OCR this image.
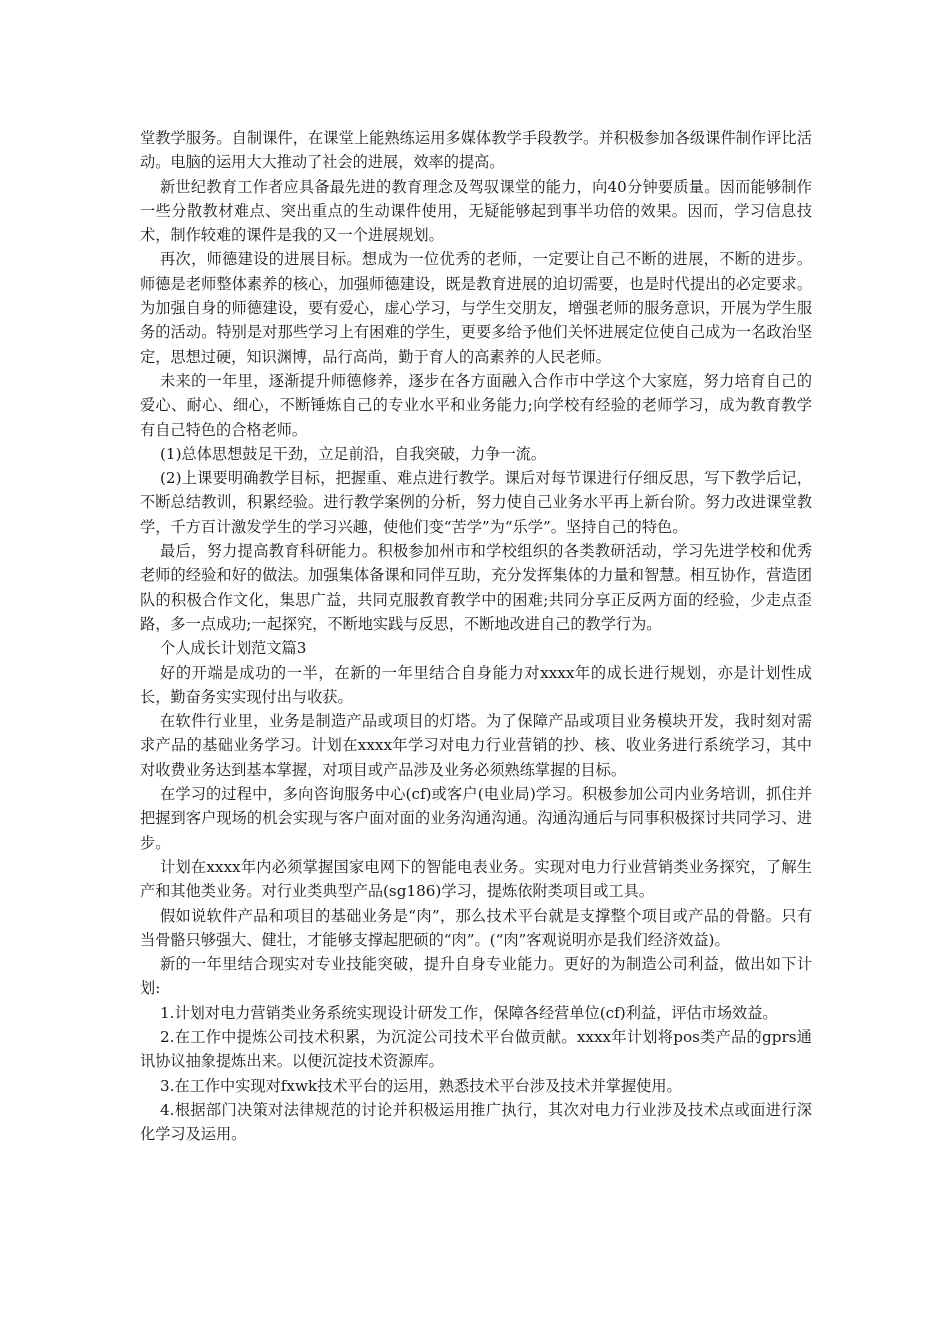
堂教学服务。自制课件，在课堂上能熟练运用多媒体教学手段教学。并积极参加各级课件制作评比活动。电脑的运用大大推动了社会的进展，效率的提高。

新世纪教育工作者应具备最先进的教育理念及驾驭课堂的能力，向40分钟要质量。因而能够制作一些分散教材难点、突出重点的生动课件使用，无疑能够起到事半功倍的效果。因而，学习信息技术，制作较难的课件是我的又一个进展规划。

再次，师德建设的进展目标。想成为一位优秀的老师，一定要让自己不断的进展，不断的进步。师德是老师整体素养的核心，加强师德建设，既是教育进展的迫切需要，也是时代提出的必定要求。为加强自身的师德建设，要有爱心，虚心学习，与学生交朋友，增强老师的服务意识，开展为学生服务的活动。特别是对那些学习上有困难的学生，更要多给予他们关怀进展定位使自己成为一名政治坚定，思想过硬，知识渊博，品行高尚，勤于育人的高素养的人民老师。

未来的一年里，逐渐提升师德修养，逐步在各方面融入合作市中学这个大家庭，努力培育自己的爱心、耐心、细心，不断锤炼自己的专业水平和业务能力;向学校有经验的老师学习，成为教育教学有自己特色的合格老师。

(1)总体思想鼓足干劲，立足前沿，自我突破，力争一流。

(2)上课要明确教学目标，把握重、难点进行教学。课后对每节课进行仔细反思，写下教学后记，不断总结教训，积累经验。进行教学案例的分析，努力使自己业务水平再上新台阶。努力改进课堂教学，千方百计激发学生的学习兴趣，使他们变“苦学”为“乐学”。坚持自己的特色。

最后，努力提高教育科研能力。积极参加州市和学校组织的各类教研活动，学习先进学校和优秀老师的经验和好的做法。加强集体备课和同伴互助，充分发挥集体的力量和智慧。相互协作，营造团队的积极合作文化，集思广益，共同克服教育教学中的困难;共同分享正反两方面的经验，少走点歪路，多一点成功;一起探究，不断地实践与反思，不断地改进自己的教学行为。

个人成长计划范文篇3

好的开端是成功的一半，在新的一年里结合自身能力对xxxx年的成长进行规划，亦是计划性成长，勤奋务实实现付出与收获。

在软件行业里，业务是制造产品或项目的灯塔。为了保障产品或项目业务模块开发，我时刻对需求产品的基础业务学习。计划在xxxx年学习对电力行业营销的抄、核、收业务进行系统学习，其中对收费业务达到基本掌握，对项目或产品涉及业务必须熟练掌握的目标。

在学习的过程中，多向咨询服务中心(cf)或客户(电业局)学习。积极参加公司内业务培训，抓住并把握到客户现场的机会实现与客户面对面的业务沟通沟通。沟通沟通后与同事积极探讨共同学习、进步。

计划在xxxx年内必须掌握国家电网下的智能电表业务。实现对电力行业营销类业务探究，了解生产和其他类业务。对行业类典型产品(sg186)学习，提炼依附类项目或工具。

假如说软件产品和项目的基础业务是“肉”，那么技术平台就是支撑整个项目或产品的骨骼。只有当骨骼只够强大、健壮，才能够支撑起肥硕的“肉”。(“肉”客观说明亦是我们经济效益)。

新的一年里结合现实对专业技能突破，提升自身专业能力。更好的为制造公司利益，做出如下计划:

1.计划对电力营销类业务系统实现设计研发工作，保障各经营单位(cf)利益，评估市场效益。

2.在工作中提炼公司技术积累，为沉淀公司技术平台做贡献。xxxx年计划将pos类产品的gprs通讯协议抽象提炼出来。以便沉淀技术资源库。

3.在工作中实现对fxwk技术平台的运用，熟悉技术平台涉及技术并掌握使用。

4.根据部门决策对法律规范的讨论并积极运用推广执行，其次对电力行业涉及技术点或面进行深化学习及运用。
